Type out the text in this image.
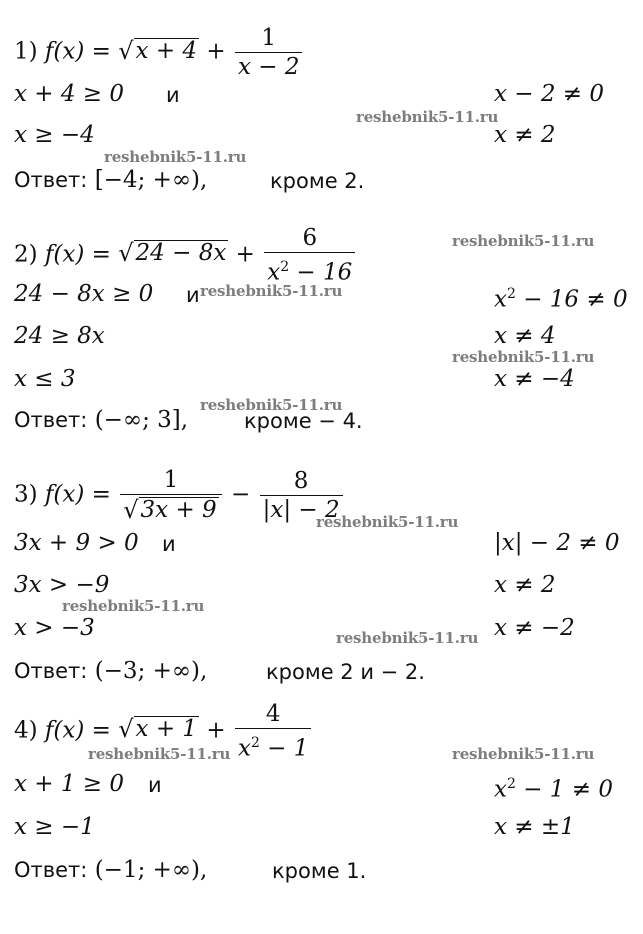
1) f(x) = √ $x + 4 + \frac{1}{x - 2}$
x + 4 ≥ 0 и	x − 2 ≠ 0
x ≥ −4	x ≠ 2
Ответ: [−4; +∞),	кроме 2.
2) f(x) = √ $24 - 8x + \frac{6}{x^2 - 16}$
24 − 8x ≥ 0 и	$x^2 - 16 \ne 0$
24 ≥ 8x	x ≠ 4
x ≤ 3	x ≠ −4
Ответ: (−∞; 3],	кроме − 4.
3) $f(x) = \frac{1}{√ 3x + 9} - \frac{8}{|x| - 2}$
3x + 9 > 0 и	|x| − 2 ≠ 0
3x > −9	x ≠ 2
x > −3	x ≠ −2
Ответ: (−3; +∞),	кроме 2 и − 2.
4) f(x) = √ $x + 1 + \frac{4}{x^2 - 1}$
x + 1 ≥ 0 и	$x^2 - 1 \ne 0$
x ≥ −1	x ≠ ±1
Ответ: (−1; +∞),	кроме 1.
reshebnik5-11.ru
reshebnik5-11.ru
reshebnik5-11.ru
reshebnik5-11.ru
reshebnik5-11.ru
reshebnik5-11.ru
reshebnik5-11.ru
reshebnik5-11.ru
reshebnik5-11.ru
reshebnik5-11.ru	reshebnik5-11.ru
